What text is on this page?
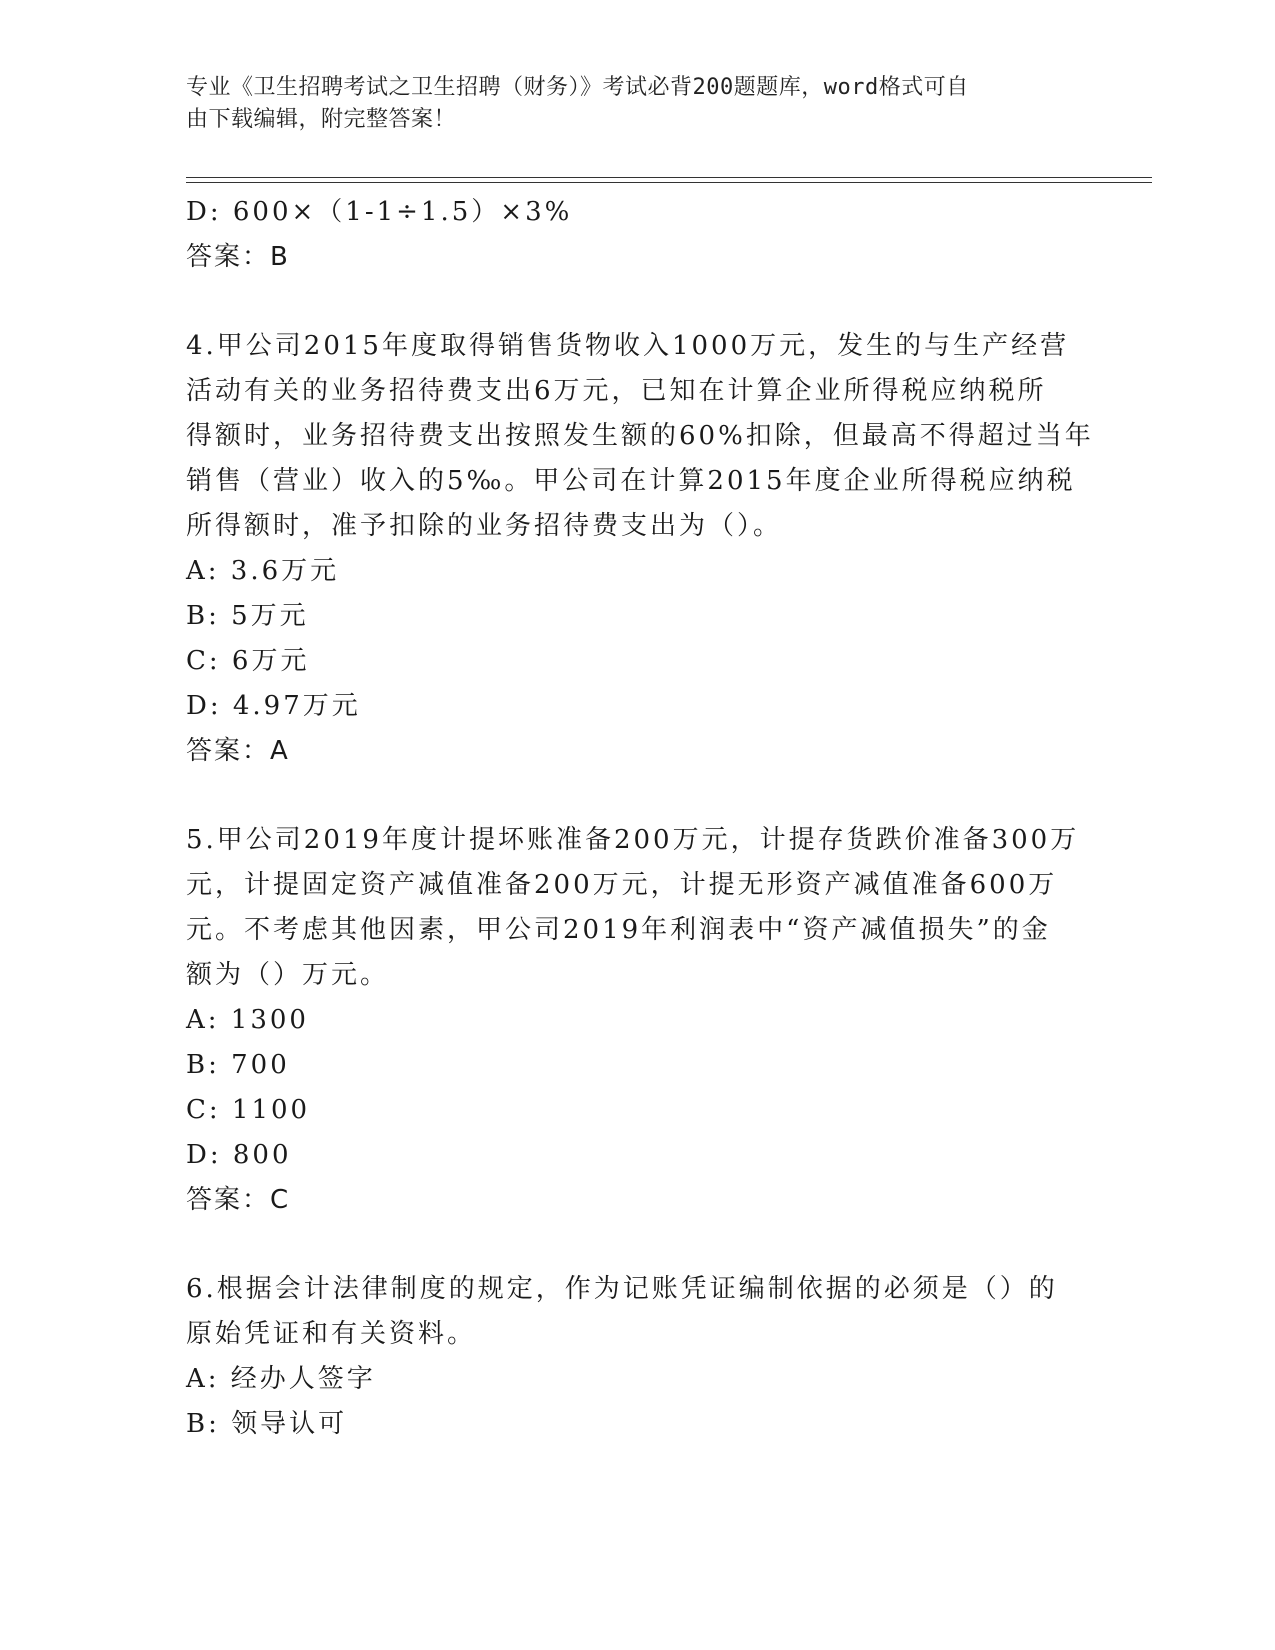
专业《卫生招聘考试之卫生招聘（财务）》考试必背200题题库，word格式可自
由下载编辑，附完整答案！
D: 600×（1-1÷1.5）×3%
答案：B
4.甲公司2015年度取得销售货物收入1000万元，发生的与生产经营
活动有关的业务招待费支出6万元，已知在计算企业所得税应纳税所
得额时，业务招待费支出按照发生额的60%扣除，但最高不得超过当年
销售（营业）收入的5‰。甲公司在计算2015年度企业所得税应纳税
所得额时，准予扣除的业务招待费支出为（）。
A: 3.6万元
B: 5万元
C: 6万元
D: 4.97万元
答案：A
5.甲公司2019年度计提坏账准备200万元，计提存货跌价准备300万
元，计提固定资产减值准备200万元，计提无形资产减值准备600万
元。不考虑其他因素，甲公司2019年利润表中“资产减值损失”的金
额为（）万元。
A: 1300
B: 700
C: 1100
D: 800
答案：C
6.根据会计法律制度的规定，作为记账凭证编制依据的必须是（）的
原始凭证和有关资料。
A: 经办人签字
B: 领导认可
